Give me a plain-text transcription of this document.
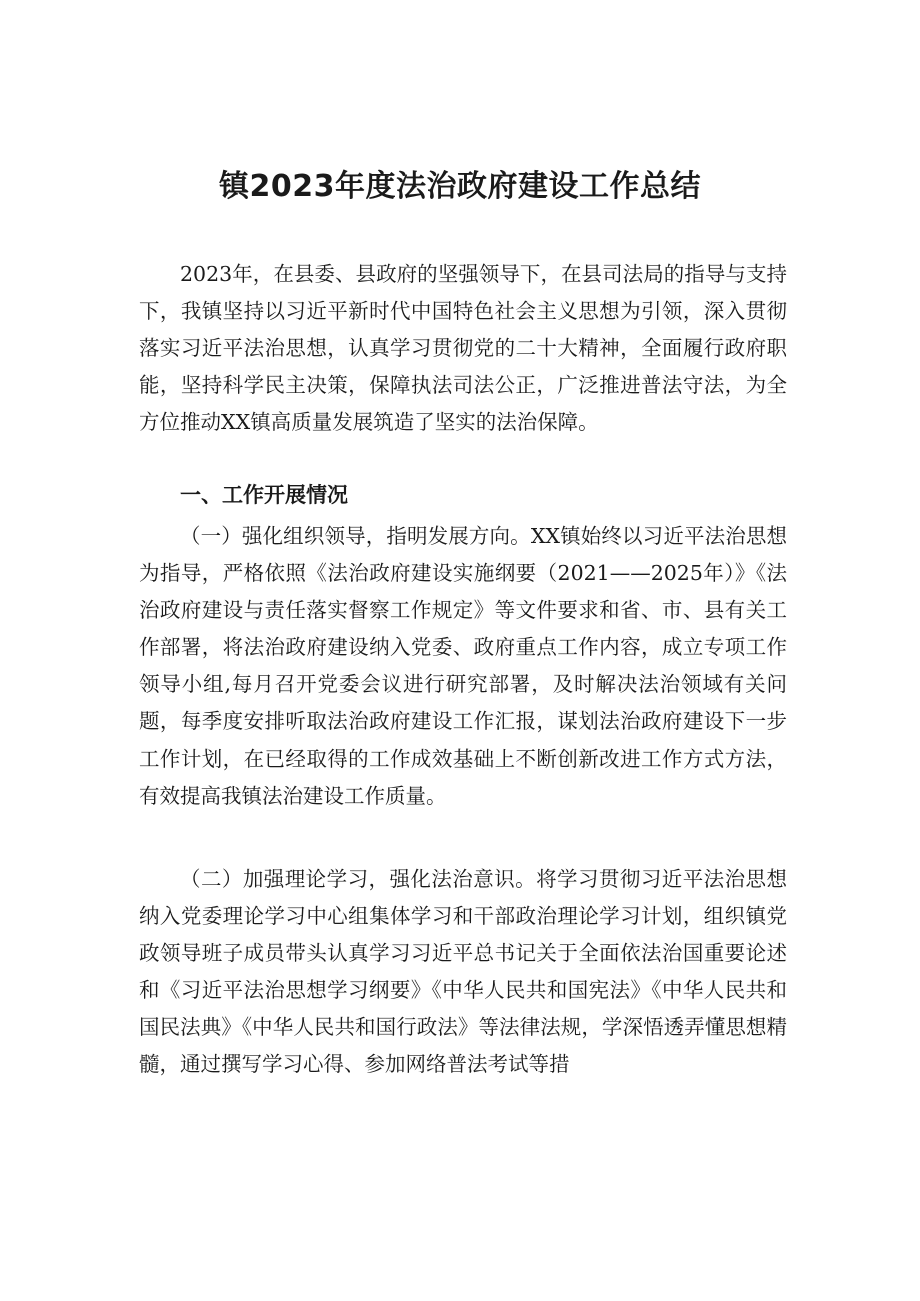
镇2023年度法治政府建设工作总结

2023年，在县委、县政府的坚强领导下，在县司法局的指导与支持下，我镇坚持以习近平新时代中国特色社会主义思想为引领，深入贯彻落实习近平法治思想，认真学习贯彻党的二十大精神，全面履行政府职能，坚持科学民主决策，保障执法司法公正，广泛推进普法守法，为全方位推动XX镇高质量发展筑造了坚实的法治保障。

一、工作开展情况

（一）强化组织领导，指明发展方向。XX镇始终以习近平法治思想为指导，严格依照《法治政府建设实施纲要（2021——2025年）》《法治政府建设与责任落实督察工作规定》等文件要求和省、市、县有关工作部署，将法治政府建设纳入党委、政府重点工作内容，成立专项工作领导小组,每月召开党委会议进行研究部署，及时解决法治领域有关问题，每季度安排听取法治政府建设工作汇报，谋划法治政府建设下一步工作计划，在已经取得的工作成效基础上不断创新改进工作方式方法，有效提高我镇法治建设工作质量。

（二）加强理论学习，强化法治意识。将学习贯彻习近平法治思想纳入党委理论学习中心组集体学习和干部政治理论学习计划，组织镇党政领导班子成员带头认真学习习近平总书记关于全面依法治国重要论述和《习近平法治思想学习纲要》《中华人民共和国宪法》《中华人民共和国民法典》《中华人民共和国行政法》等法律法规，学深悟透弄懂思想精髓，通过撰写学习心得、参加网络普法考试等措
